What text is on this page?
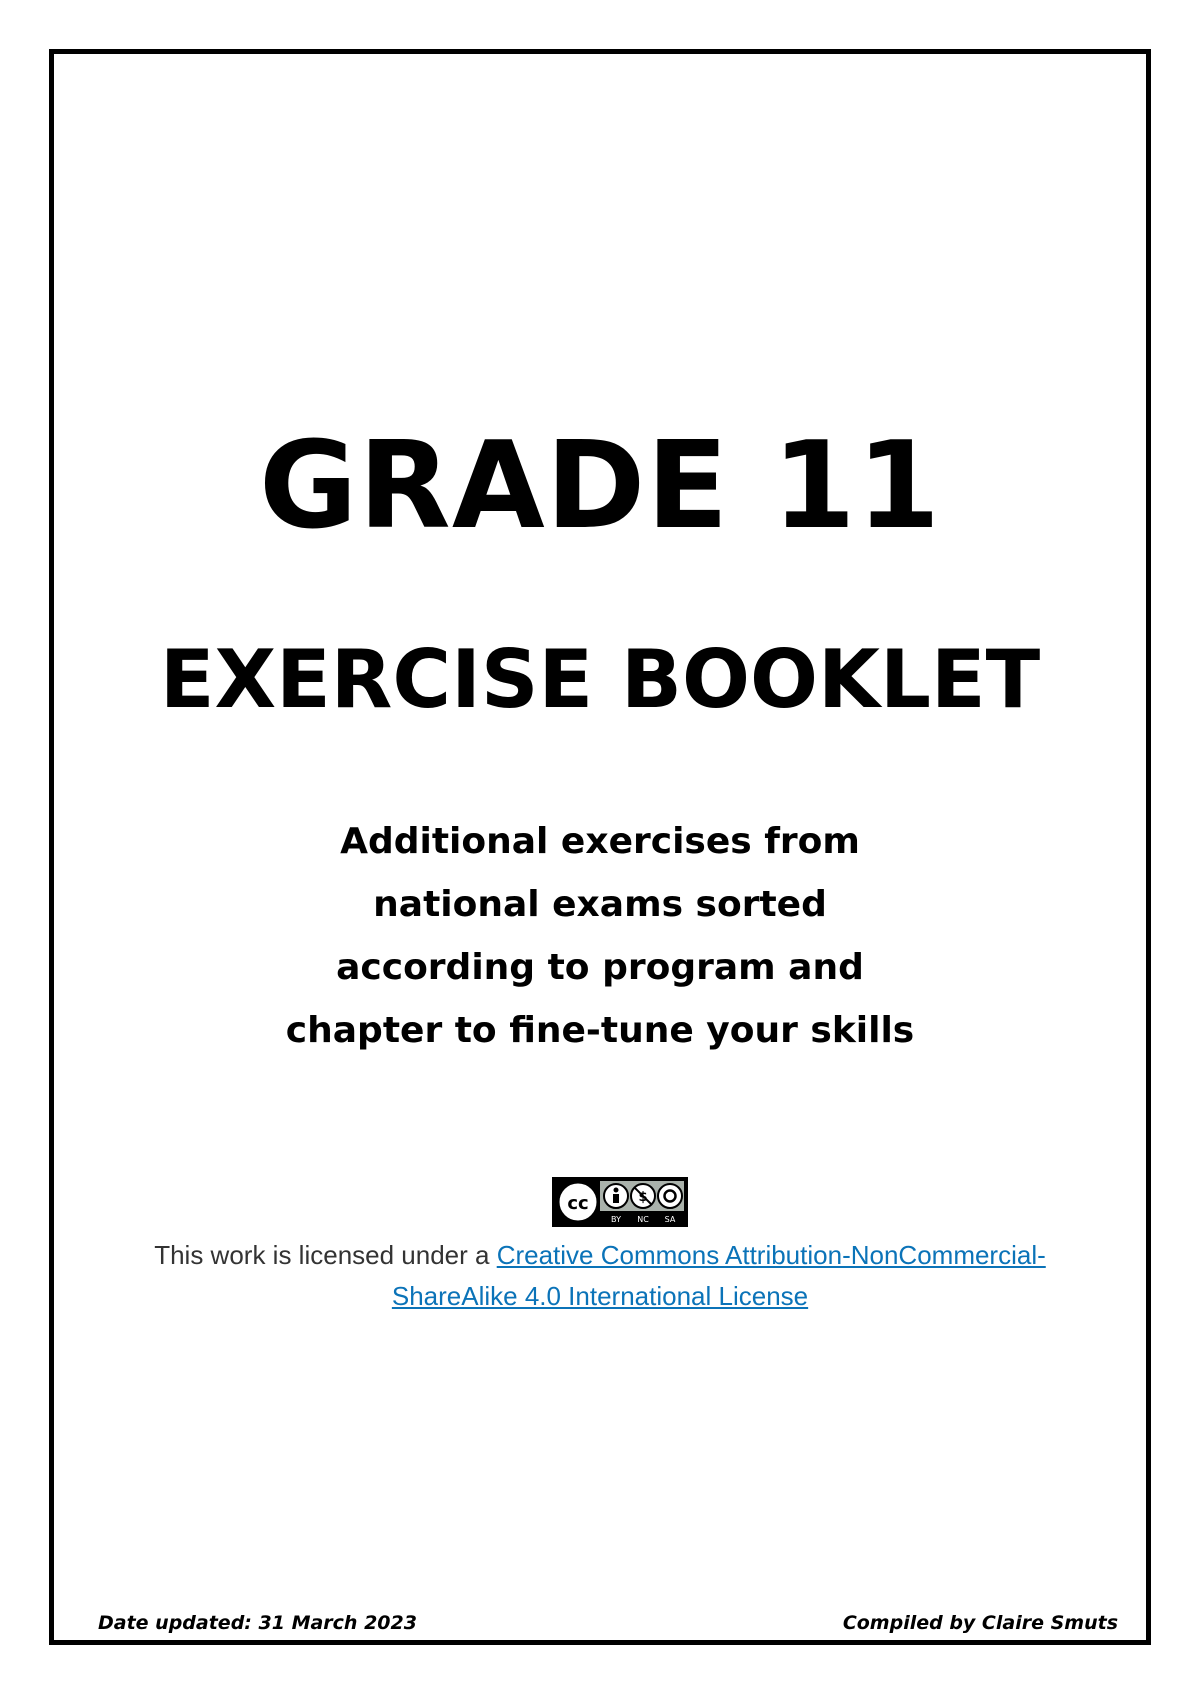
GRADE 11
EXERCISE BOOKLET

Additional exercises from
national exams sorted
according to program and
chapter to fine-tune your skills

cc	$
BY NC SA

This work is licensed under a Creative Commons Attribution-NonCommercial-ShareAlike 4.0 International License

Date updated: 31 March 2023	Compiled by Claire Smuts
